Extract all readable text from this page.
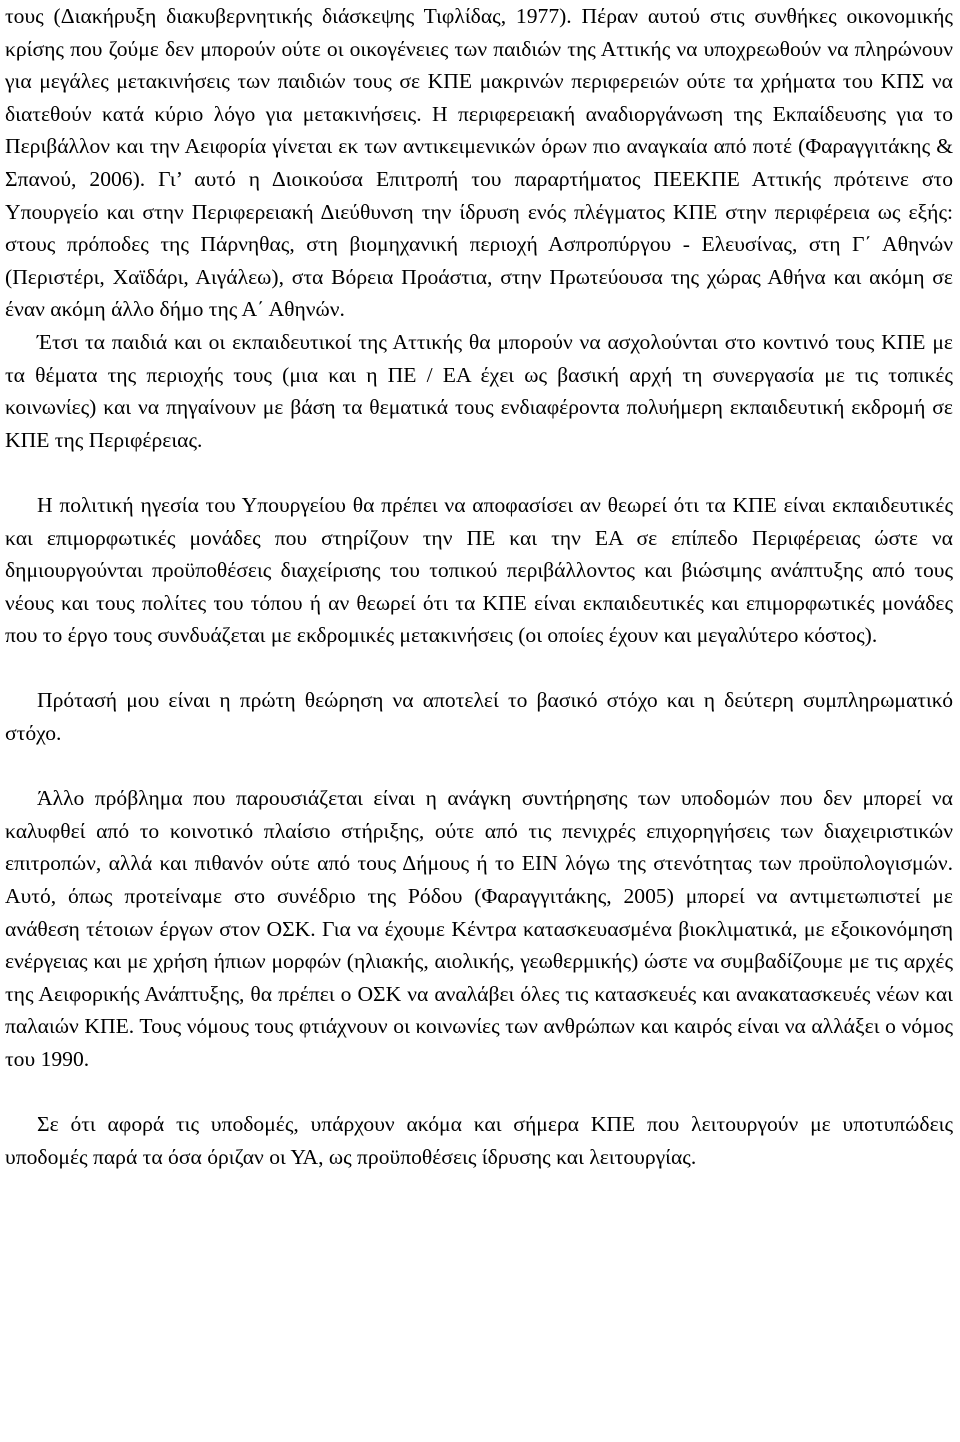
τους (Διακήρυξη διακυβερνητικής διάσκεψης Τιφλίδας, 1977). Πέραν αυτού στις συνθήκες οικονομικής κρίσης που ζούμε δεν μπορούν ούτε οι οικογένειες των παιδιών της Αττικής να υποχρεωθούν να πληρώνουν για μεγάλες μετακινήσεις των παιδιών τους σε ΚΠΕ μακρινών περιφερειών ούτε τα χρήματα του ΚΠΣ να διατεθούν κατά κύριο λόγο για μετακινήσεις. Η περιφερειακή αναδιοργάνωση της Εκπαίδευσης για το Περιβάλλον και την Αειφορία γίνεται εκ των αντικειμενικών όρων πιο αναγκαία από ποτέ (Φαραγγιτάκης & Σπανού, 2006). Γι’ αυτό η Διοικούσα Επιτροπή του παραρτήματος ΠΕΕΚΠΕ Αττικής πρότεινε στο Υπουργείο και στην Περιφερειακή Διεύθυνση την ίδρυση ενός πλέγματος ΚΠΕ στην περιφέρεια ως εξής: στους πρόποδες της Πάρνηθας, στη βιομηχανική περιοχή Ασπροπύργου - Ελευσίνας, στη Γ΄ Αθηνών (Περιστέρι, Χαϊδάρι, Αιγάλεω), στα Βόρεια Προάστια, στην Πρωτεύουσα της χώρας Αθήνα και ακόμη σε έναν ακόμη άλλο δήμο της Α΄ Αθηνών.

Έτσι τα παιδιά και οι εκπαιδευτικοί της Αττικής θα μπορούν να ασχολούνται στο κοντινό τους ΚΠΕ με τα θέματα της περιοχής τους (μια και η ΠΕ / ΕΑ έχει ως βασική αρχή τη συνεργασία με τις τοπικές κοινωνίες) και να πηγαίνουν με βάση τα θεματικά τους ενδιαφέροντα πολυήμερη εκπαιδευτική εκδρομή σε ΚΠΕ της Περιφέρειας.

Η πολιτική ηγεσία του Υπουργείου θα πρέπει να αποφασίσει αν θεωρεί ότι τα ΚΠΕ είναι εκπαιδευτικές και επιμορφωτικές μονάδες που στηρίζουν την ΠΕ και την ΕΑ σε επίπεδο Περιφέρειας ώστε να δημιουργούνται προϋποθέσεις διαχείρισης του τοπικού περιβάλλοντος και βιώσιμης ανάπτυξης από τους νέους και τους πολίτες του τόπου ή αν θεωρεί ότι τα ΚΠΕ είναι εκπαιδευτικές και επιμορφωτικές μονάδες που το έργο τους συνδυάζεται με εκδρομικές μετακινήσεις (οι οποίες έχουν και μεγαλύτερο κόστος).

Πρότασή μου είναι η πρώτη θεώρηση να αποτελεί το βασικό στόχο και η δεύτερη συμπληρωματικό στόχο.

Άλλο πρόβλημα που παρουσιάζεται είναι η ανάγκη συντήρησης των υποδομών που δεν μπορεί να καλυφθεί από το κοινοτικό πλαίσιο στήριξης, ούτε από τις πενιχρές επιχορηγήσεις των διαχειριστικών επιτροπών, αλλά και πιθανόν ούτε από τους Δήμους ή το ΕΙΝ λόγω της στενότητας των προϋπολογισμών. Αυτό, όπως προτείναμε στο συνέδριο της Ρόδου (Φαραγγιτάκης, 2005) μπορεί να αντιμετωπιστεί με ανάθεση τέτοιων έργων στον ΟΣΚ. Για να έχουμε Κέντρα κατασκευασμένα βιοκλιματικά, με εξοικονόμηση ενέργειας και με χρήση ήπιων μορφών (ηλιακής, αιολικής, γεωθερμικής) ώστε να συμβαδίζουμε με τις αρχές της Αειφορικής Ανάπτυξης, θα πρέπει ο ΟΣΚ να αναλάβει όλες τις κατασκευές και ανακατασκευές νέων και παλαιών ΚΠΕ. Τους νόμους τους φτιάχνουν οι κοινωνίες των ανθρώπων και καιρός είναι να αλλάξει ο νόμος του 1990.

Σε ότι αφορά τις υποδομές, υπάρχουν ακόμα και σήμερα ΚΠΕ που λειτουργούν με υποτυπώδεις υποδομές παρά τα όσα όριζαν οι ΥΑ, ως προϋποθέσεις ίδρυσης και λειτουργίας.
